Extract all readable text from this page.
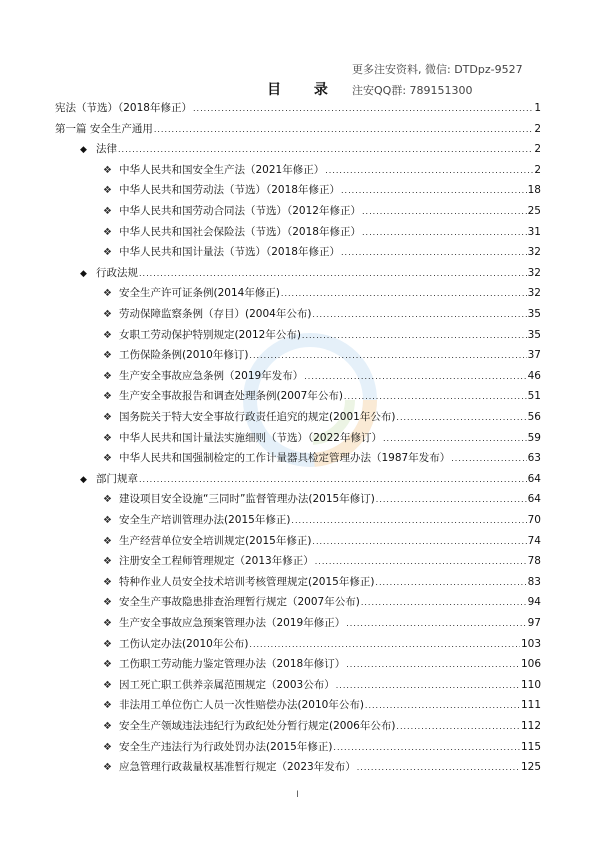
更多注安资料, 微信: DTDpz-9527
注安QQ群: 789151300
目 录
宪法（节选）（2018年修正） .....	1
第一篇 安全生产通用 .....	2
◆ 法律 .....	2
❖ 中华人民共和国安全生产法（2021年修正） .....	2
❖ 中华人民共和国劳动法（节选）（2018年修正） .....	18
❖ 中华人民共和国劳动合同法（节选）（2012年修正） .....	25
❖ 中华人民共和国社会保险法（节选）（2018年修正） .....	31
❖ 中华人民共和国计量法（节选）（2018年修正） .....	32
◆ 行政法规 .....	32
❖ 安全生产许可证条例(2014年修正) .....	32
❖ 劳动保障监察条例（存目）(2004年公布) .....	35
❖ 女职工劳动保护特别规定(2012年公布) .....	35
❖ 工伤保险条例(2010年修订) .....	37
❖ 生产安全事故应急条例（2019年发布） .....	46
❖ 生产安全事故报告和调查处理条例(2007年公布) .....	51
❖ 国务院关于特大安全事故行政责任追究的规定(2001年公布) .....	56
❖ 中华人民共和国计量法实施细则（节选）（2022年修订） .....	59
❖ 中华人民共和国强制检定的工作计量器具检定管理办法（1987年发布） .....	63
◆ 部门规章 .....	64
❖ 建设项目安全设施“三同时”监督管理办法(2015年修订) .....	64
❖ 安全生产培训管理办法(2015年修正) .....	70
❖ 生产经营单位安全培训规定(2015年修正) .....	74
❖ 注册安全工程师管理规定（2013年修正） .....	78
❖ 特种作业人员安全技术培训考核管理规定(2015年修正) .....	83
❖ 安全生产事故隐患排查治理暂行规定（2007年公布) .....	94
❖ 生产安全事故应急预案管理办法（2019年修正） .....	97
❖ 工伤认定办法(2010年公布) .....	103
❖ 工伤职工劳动能力鉴定管理办法（2018年修订） .....	106
❖ 因工死亡职工供养亲属范围规定（2003公布） .....	110
❖ 非法用工单位伤亡人员一次性赔偿办法(2010年公布) .....	111
❖ 安全生产领域违法违纪行为政纪处分暂行规定(2006年公布) .....	112
❖ 安全生产违法行为行政处罚办法(2015年修正) .....	115
❖ 应急管理行政裁量权基准暂行规定（2023年发布） .....	125
I
